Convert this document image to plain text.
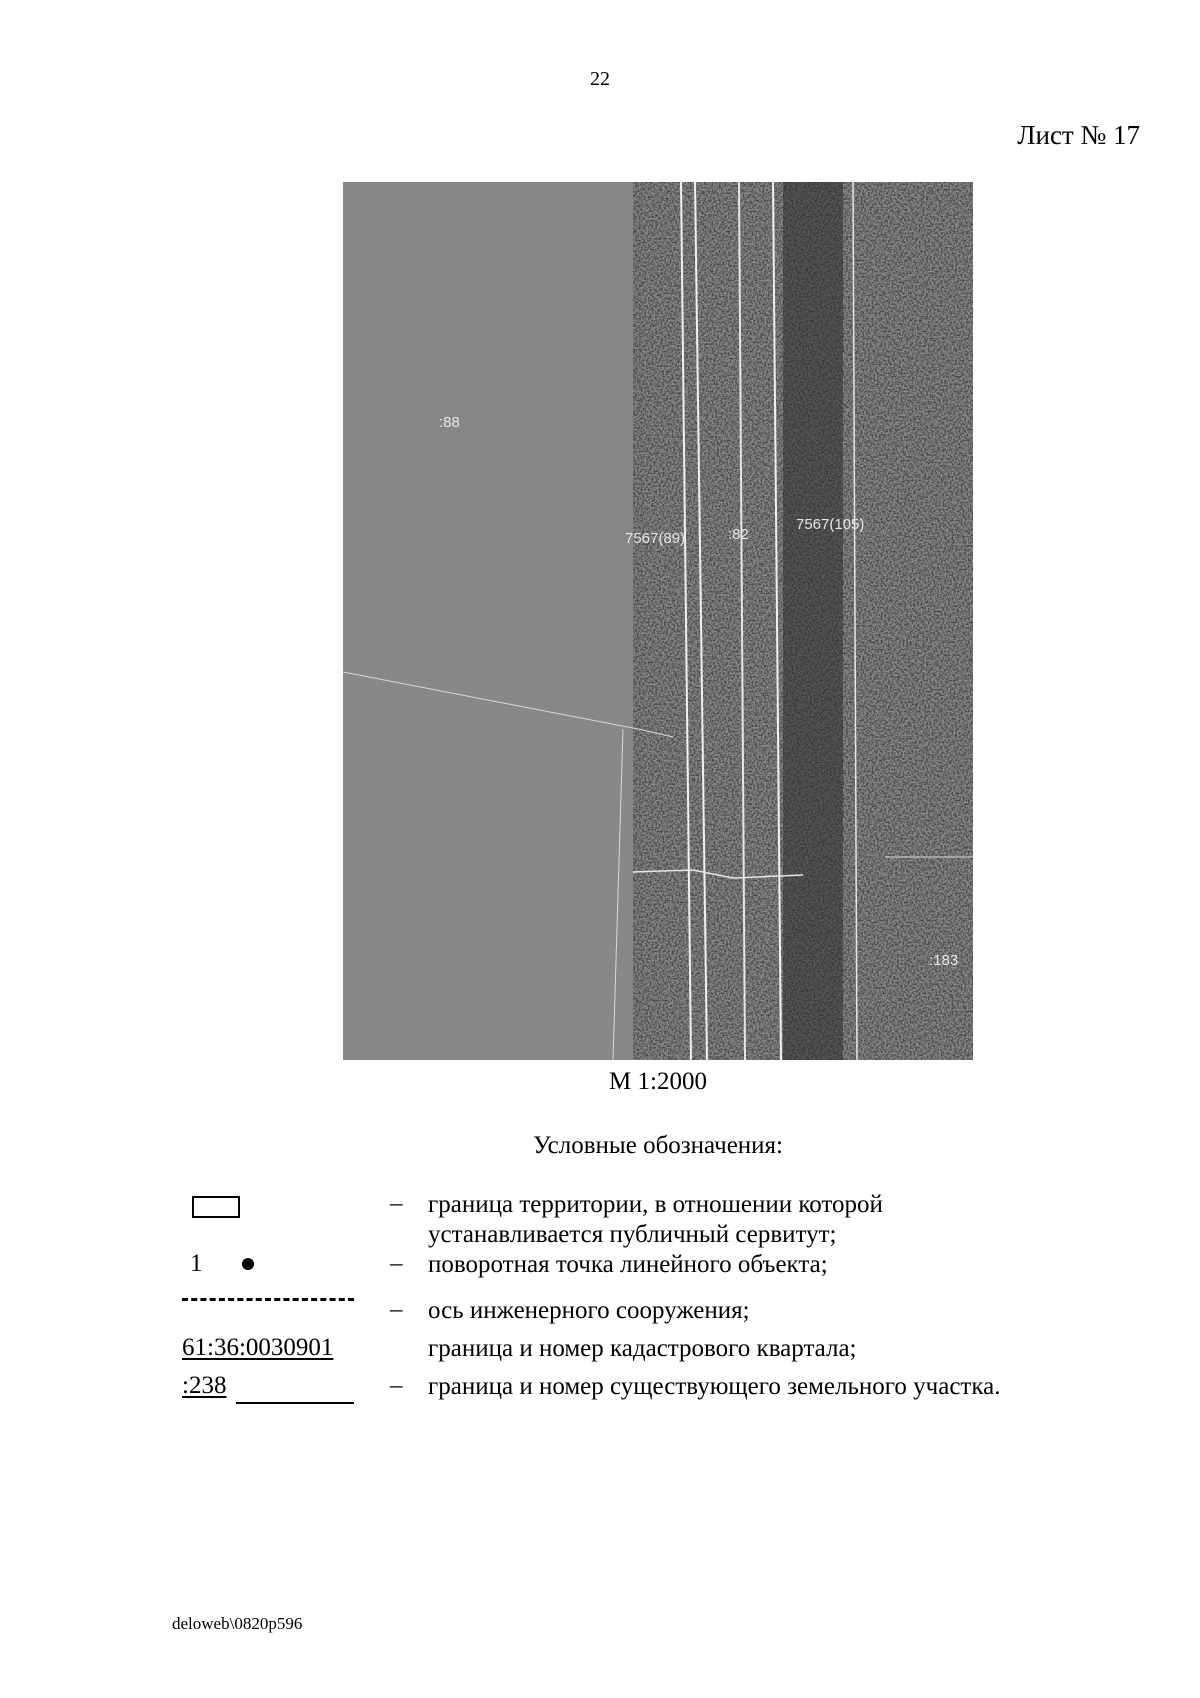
22
Лист № 17
:88
7567(89)	:82
7567(105)
:183
М 1:2000
Условные обозначения:
– граница территории, в отношении которой
устанавливается публичный сервитут;
1	– поворотная точка линейного объекта;
– ось инженерного сооружения;
61:36:0030901	граница и номер кадастрового квартала;
:238	– граница и номер существующего земельного участка.
deloweb\0820p596
